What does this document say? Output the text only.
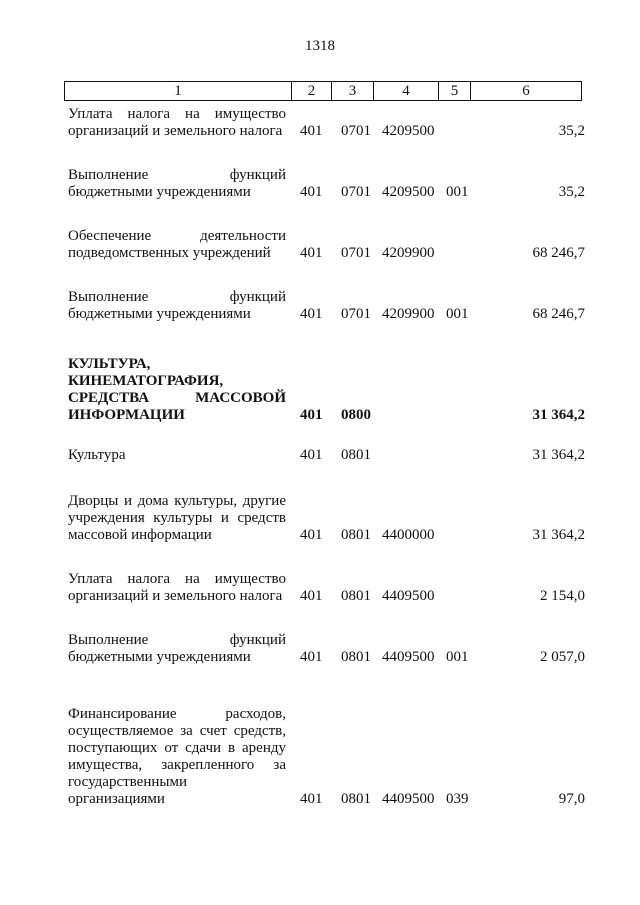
1318
1	2	3	4	5	6
Уплата налога на имущество
организаций и земельного налога 401 0701 4209500	35,2
Выполнение функций
бюджетными учреждениями	401 0701 4209500 001	35,2
Обеспечение деятельности
подведомственных учреждений	401 0701 4209900	68 246,7
Выполнение функций
бюджетными учреждениями	401 0701 4209900 001	68 246,7
КУЛЬТУРА,
КИНЕМАТОГРАФИЯ,
СРЕДСТВА МАССОВОЙ
ИНФОРМАЦИИ	401 0800	31 364,2
Культура	401 0801	31 364,2
Дворцы и дома культуры, другие
учреждения культуры и средств
массовой информации	401 0801 4400000	31 364,2
Уплата налога на имущество
организаций и земельного налога 401 0801 4409500	2 154,0
Выполнение функций
бюджетными учреждениями	401 0801 4409500 001	2 057,0
Финансирование расходов,
осуществляемое за счет средств,
поступающих от сдачи в аренду
имущества, закрепленного за
государственными
организациями	401 0801 4409500 039	97,0
